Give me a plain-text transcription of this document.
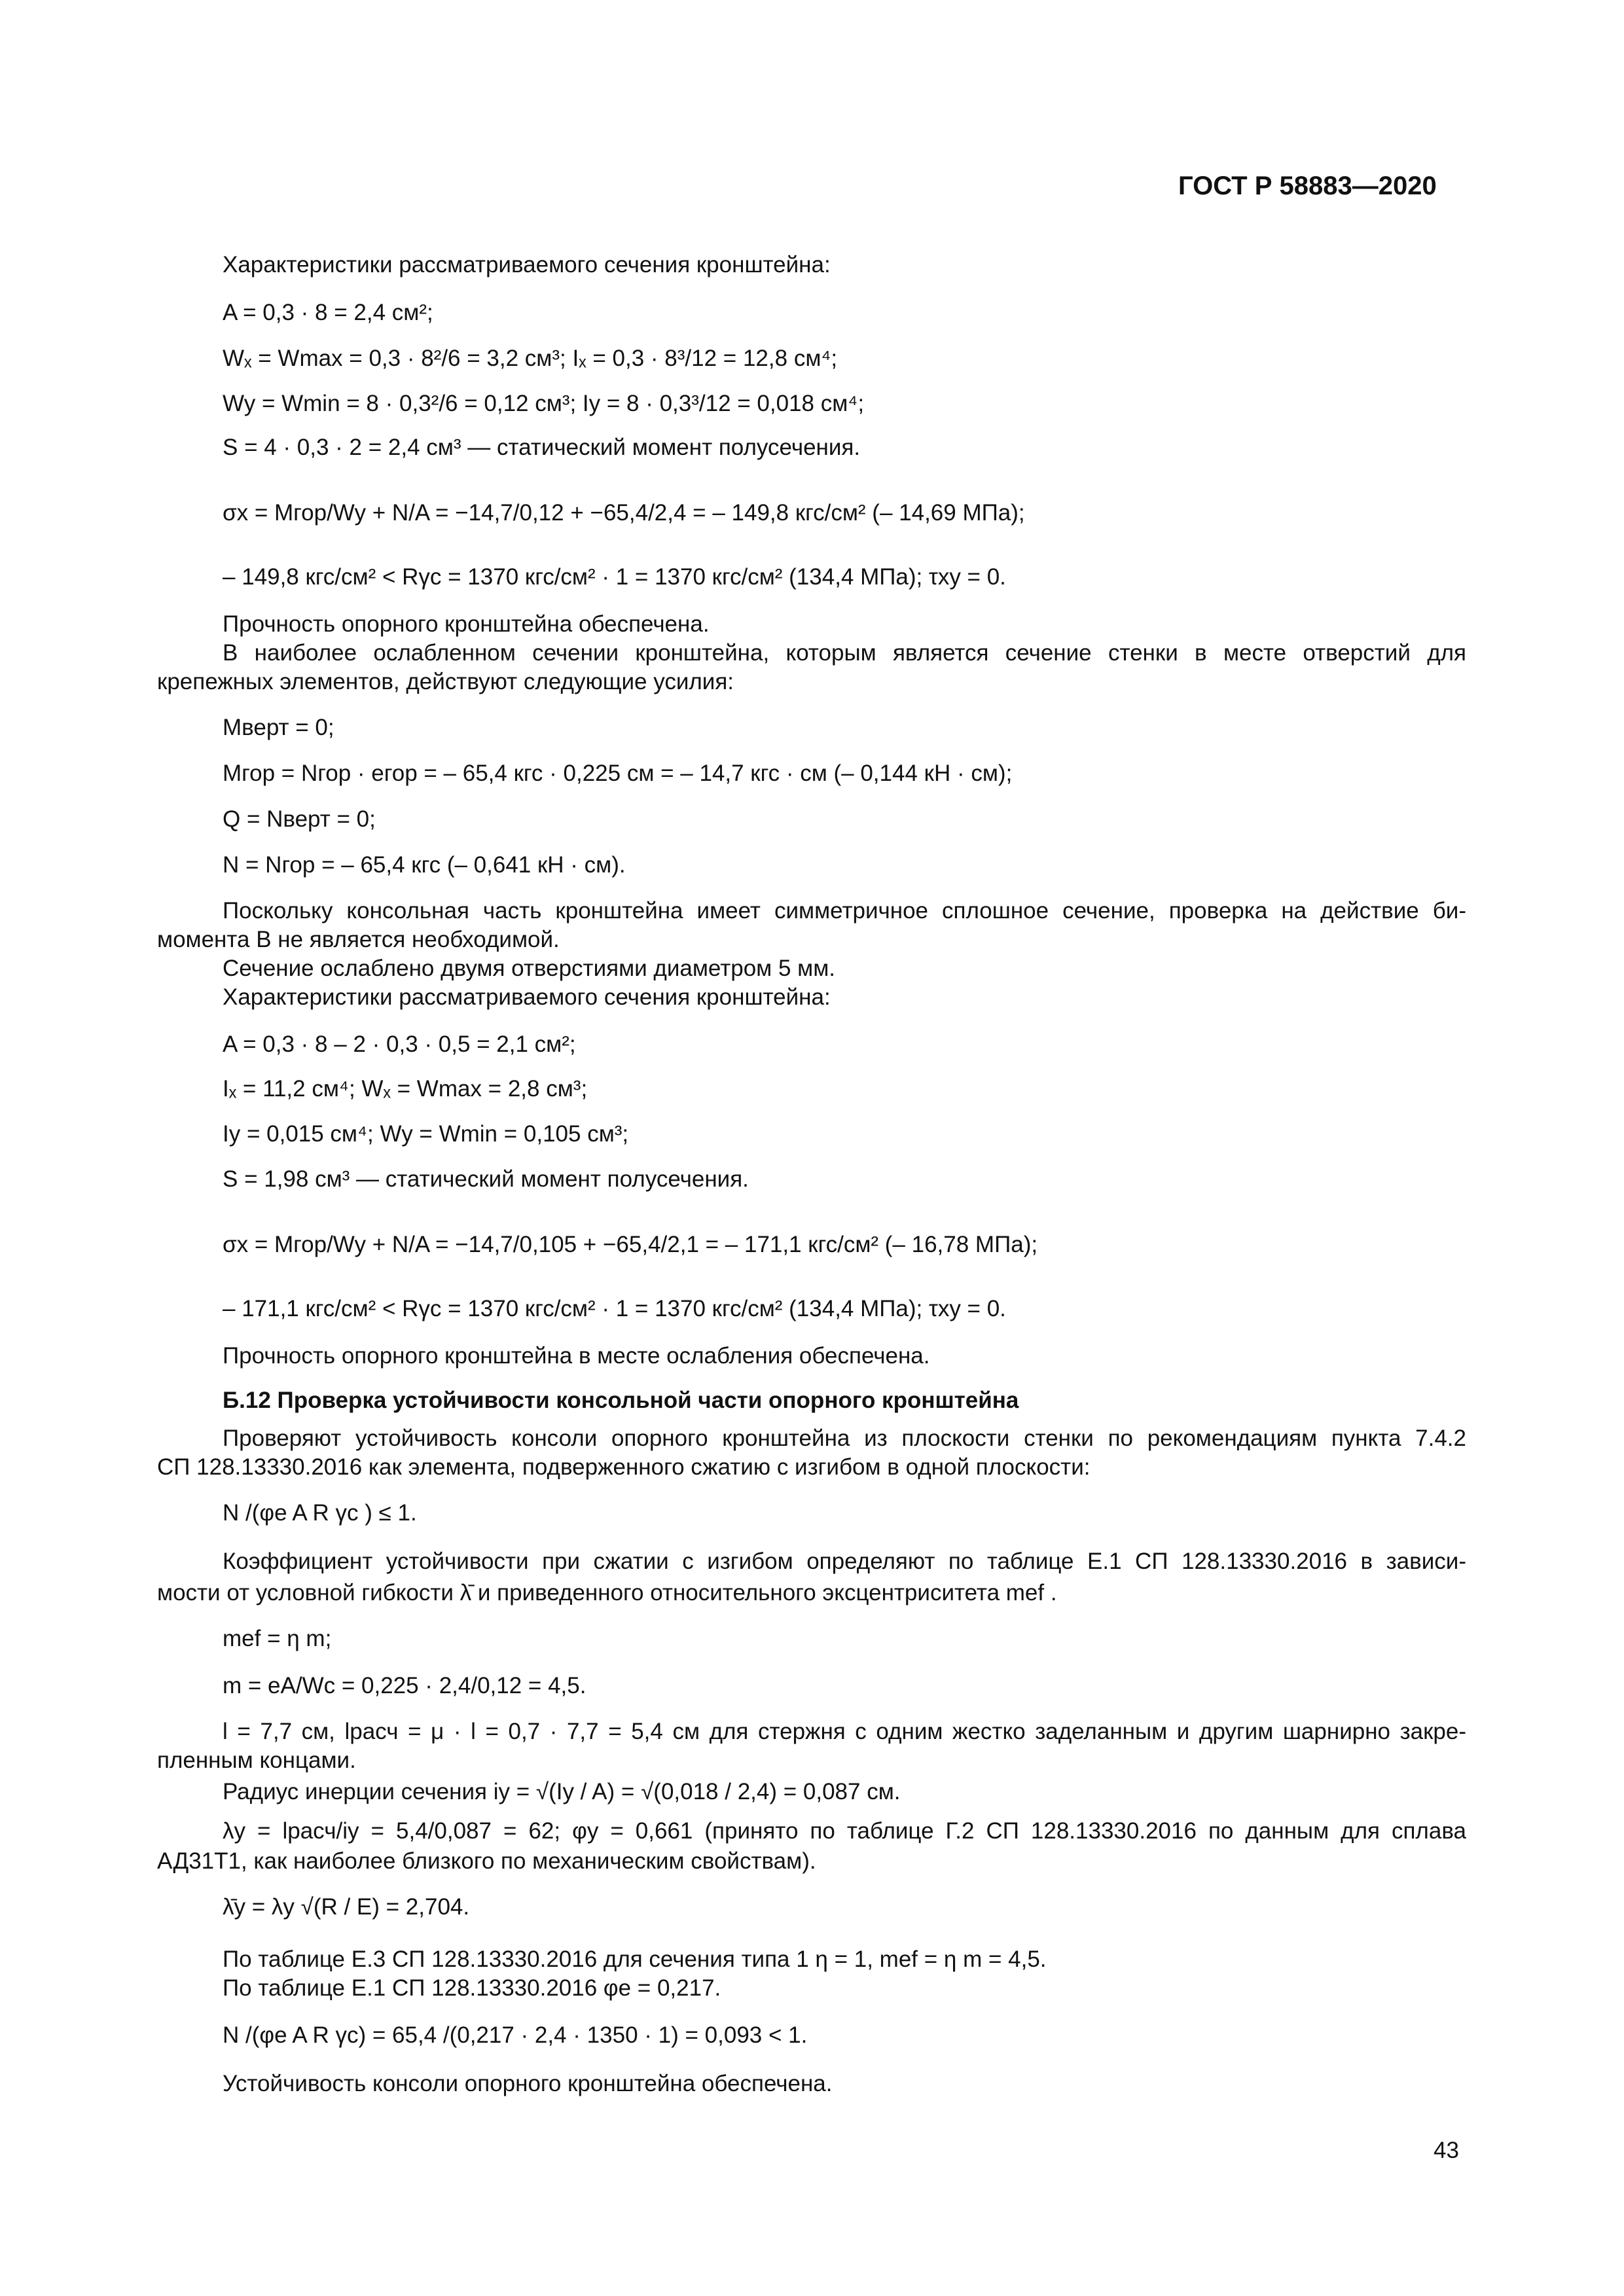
ГОСТ Р 58883—2020
Характеристики рассматриваемого сечения кронштейна:
A = 0,3 · 8 = 2,4 см²;
Wₓ = Wmax = 0,3 · 8²/6 = 3,2 см³; Iₓ = 0,3 · 8³/12 = 12,8 см⁴;
Wy = Wmin = 8 · 0,3²/6 = 0,12 см³; Iy = 8 · 0,3³/12 = 0,018 см⁴;
S = 4 · 0,3 · 2 = 2,4 см³ — статический момент полусечения.
σx = Mгор/Wy + N/A = −14,7/0,12 + −65,4/2,4 = – 149,8 кгс/см² (– 14,69 МПа);
– 149,8 кгс/см² < Rγc = 1370 кгс/см² · 1 = 1370 кгс/см² (134,4 МПа); τxy = 0.
Прочность опорного кронштейна обеспечена.
В наиболее ослабленном сечении кронштейна, которым является сечение стенки в месте отверстий для
крепежных элементов, действуют следующие усилия:
Mверт = 0;
Mгор = Nгор · eгор = – 65,4 кгс · 0,225 см = – 14,7 кгс · см (– 0,144 кН · см);
Q = Nверт = 0;
N = Nгор = – 65,4 кгс (– 0,641 кН · см).
Поскольку консольная часть кронштейна имеет симметричное сплошное сечение, проверка на действие би-
момента B не является необходимой.
Сечение ослаблено двумя отверстиями диаметром 5 мм.
Характеристики рассматриваемого сечения кронштейна:
A = 0,3 · 8 – 2 · 0,3 · 0,5 = 2,1 см²;
Iₓ = 11,2 см⁴; Wₓ = Wmax = 2,8 см³;
Iy = 0,015 см⁴; Wy = Wmin = 0,105 см³;
S = 1,98 см³ — статический момент полусечения.
σx = Mгор/Wy + N/A = −14,7/0,105 + −65,4/2,1 = – 171,1 кгс/см² (– 16,78 МПа);
– 171,1 кгс/см² < Rγc = 1370 кгс/см² · 1 = 1370 кгс/см² (134,4 МПа); τxy = 0.
Прочность опорного кронштейна в месте ослабления обеспечена.
Б.12 Проверка устойчивости консольной части опорного кронштейна
Проверяют устойчивость консоли опорного кронштейна из плоскости стенки по рекомендациям пункта 7.4.2
СП 128.13330.2016 как элемента, подверженного сжатию с изгибом в одной плоскости:
N /(φe A R γc ) ≤ 1.
Коэффициент устойчивости при сжатии с изгибом определяют по таблице Е.1 СП 128.13330.2016 в зависи-
мости от условной гибкости λ̄ и приведенного относительного эксцентриситета mef .
mef = η m;
m = eA/Wc = 0,225 · 2,4/0,12 = 4,5.
l = 7,7 см, lрасч = μ · l = 0,7 · 7,7 = 5,4 см для стержня с одним жестко заделанным и другим шарнирно закре-
пленным концами.
Радиус инерции сечения iy = √(Iy / A) = √(0,018 / 2,4) = 0,087 см.
λy = lрасч/iy = 5,4/0,087 = 62; φy = 0,661 (принято по таблице Г.2 СП 128.13330.2016 по данным для сплава
АД31Т1, как наиболее близкого по механическим свойствам).
λ̄y = λy √(R / E) = 2,704.
По таблице Е.3 СП 128.13330.2016 для сечения типа 1 η = 1, mef = η m = 4,5.
По таблице Е.1 СП 128.13330.2016 φe = 0,217.
N /(φe A R γc) = 65,4 /(0,217 · 2,4 · 1350 · 1) = 0,093 < 1.
Устойчивость консоли опорного кронштейна обеспечена.
43
